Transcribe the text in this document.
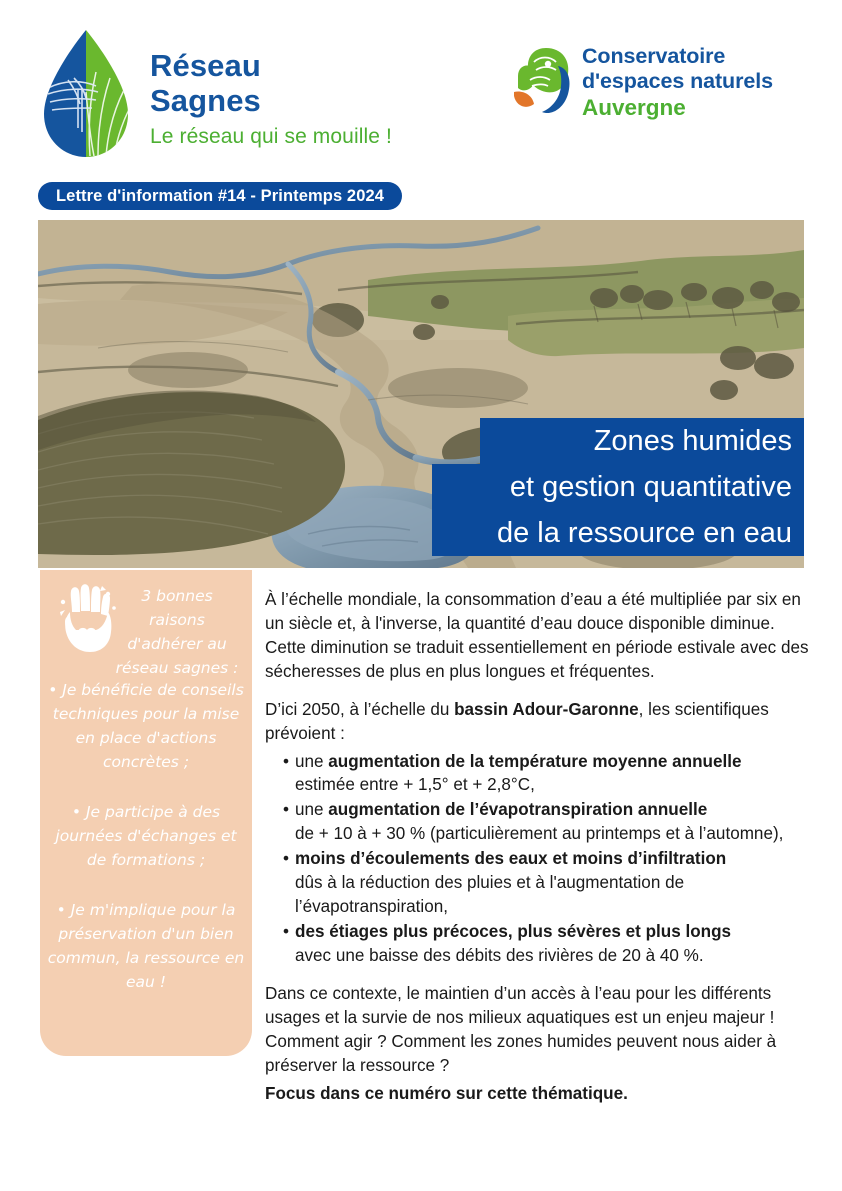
Réseau
Sagnes
Le réseau qui se mouille !
Conservatoire
d'espaces naturels
Auvergne
Lettre d'information #14 - Printemps 2024
Zones humides
et gestion quantitative
de la ressource en eau
3 bonnes raisons d'adhérer au réseau sagnes :
• Je bénéficie de conseils techniques pour la mise en place d'actions concrètes ;
• Je participe à des journées d'échanges et de formations ;
• Je m'implique pour la préservation d'un bien commun, la ressource en eau !

À l’échelle mondiale, la consommation d’eau a été multipliée par six en un siècle et, à l'inverse, la quantité d’eau douce disponible diminue. Cette diminution se traduit essentiellement en période estivale avec des sécheresses de plus en plus longues et fréquentes.

D’ici 2050, à l’échelle du bassin Adour-Garonne, les scientifiques prévoient :

• une augmentation de la température moyenne annuelle
estimée entre + 1,5° et + 2,8°C,
• une augmentation de l’évapotranspiration annuelle
de + 10 à + 30 % (particulièrement au printemps et à l’automne),
• moins d’écoulements des eaux et moins d’infiltration
dûs à la réduction des pluies et à l'augmentation de l’évapotranspiration,
• des étiages plus précoces, plus sévères et plus longs
avec une baisse des débits des rivières de 20 à 40 %.

Dans ce contexte, le maintien d’un accès à l’eau pour les différents usages et la survie de nos milieux aquatiques est un enjeu majeur ! Comment agir ? Comment les zones humides peuvent nous aider à préserver la ressource ?

Focus dans ce numéro sur cette thématique.
